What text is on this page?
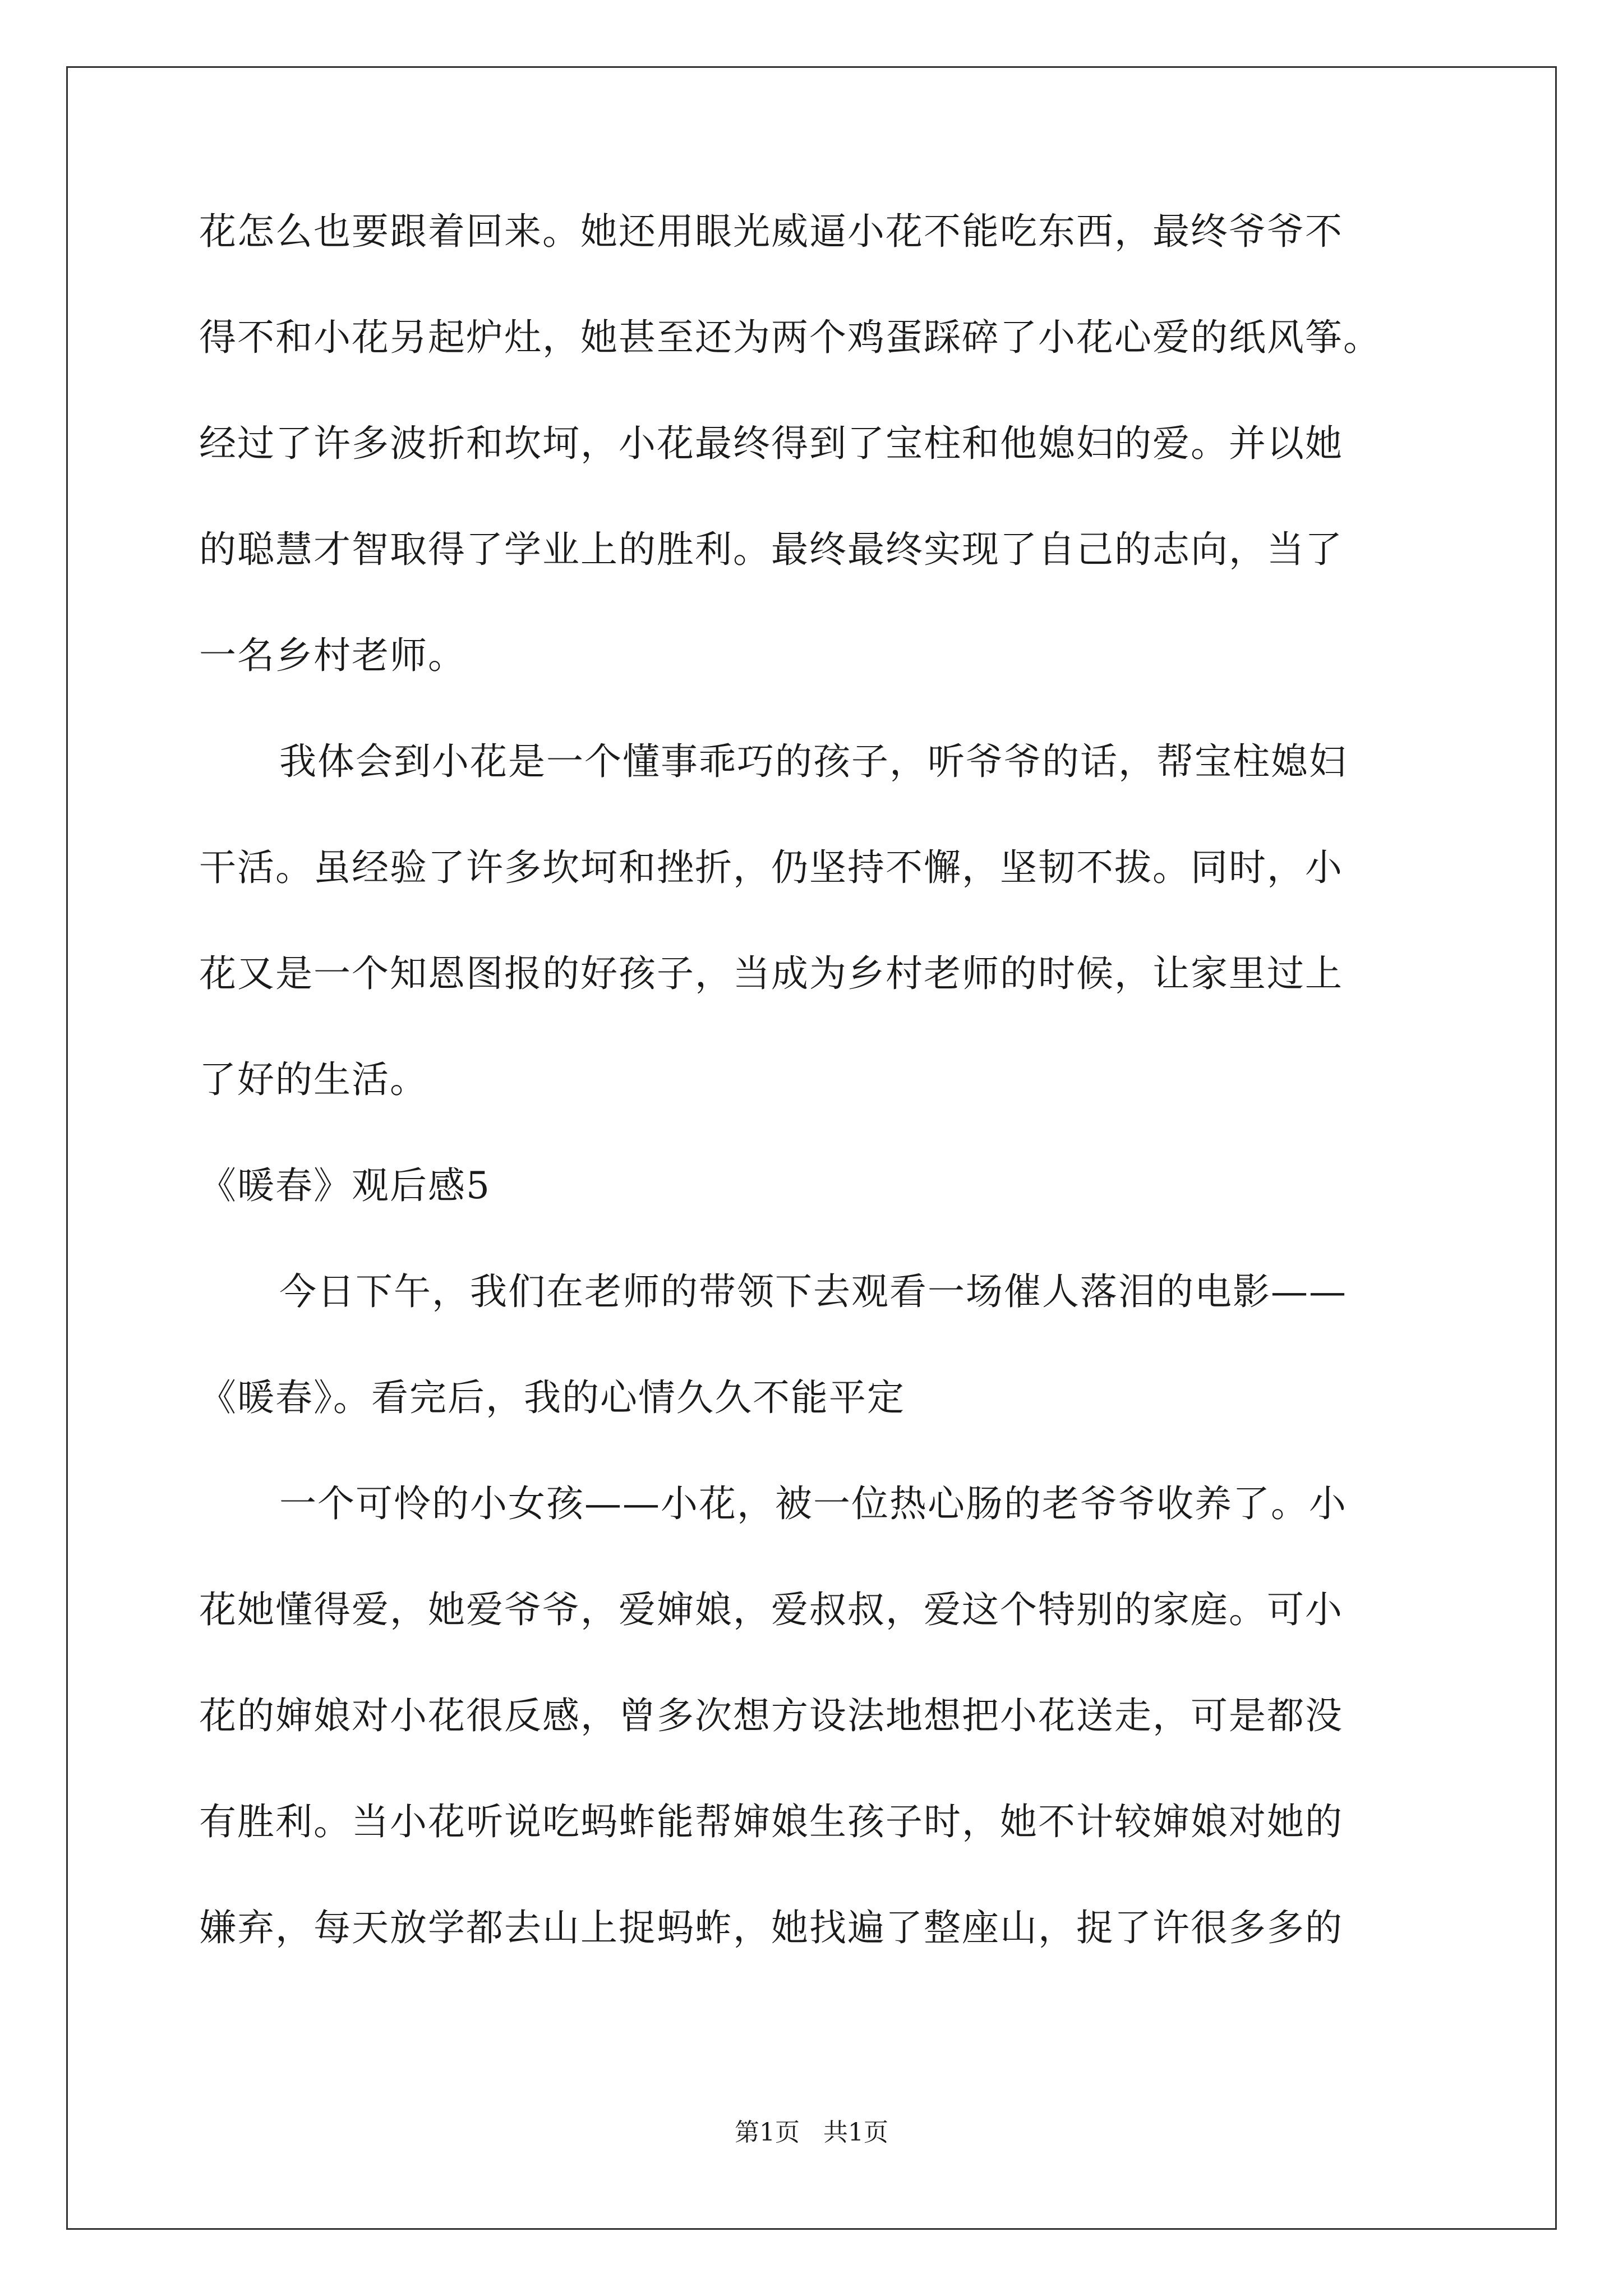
花怎么也要跟着回来。她还用眼光威逼小花不能吃东西，最终爷爷不
得不和小花另起炉灶，她甚至还为两个鸡蛋踩碎了小花心爱的纸风筝。
经过了许多波折和坎坷，小花最终得到了宝柱和他媳妇的爱。并以她
的聪慧才智取得了学业上的胜利。最终最终实现了自己的志向，当了
一名乡村老师。
我体会到小花是一个懂事乖巧的孩子，听爷爷的话，帮宝柱媳妇
干活。虽经验了许多坎坷和挫折，仍坚持不懈，坚韧不拔。同时，小
花又是一个知恩图报的好孩子，当成为乡村老师的时候，让家里过上
了好的生活。
《暖春》观后感5
今日下午，我们在老师的带领下去观看一场催人落泪的电影——
《暖春》。看完后，我的心情久久不能平定
一个可怜的小女孩——小花，被一位热心肠的老爷爷收养了。小
花她懂得爱，她爱爷爷，爱婶娘，爱叔叔，爱这个特别的家庭。可小
花的婶娘对小花很反感，曾多次想方设法地想把小花送走，可是都没
有胜利。当小花听说吃蚂蚱能帮婶娘生孩子时，她不计较婶娘对她的
嫌弃，每天放学都去山上捉蚂蚱，她找遍了整座山，捉了许很多多的
第1页   共1页
